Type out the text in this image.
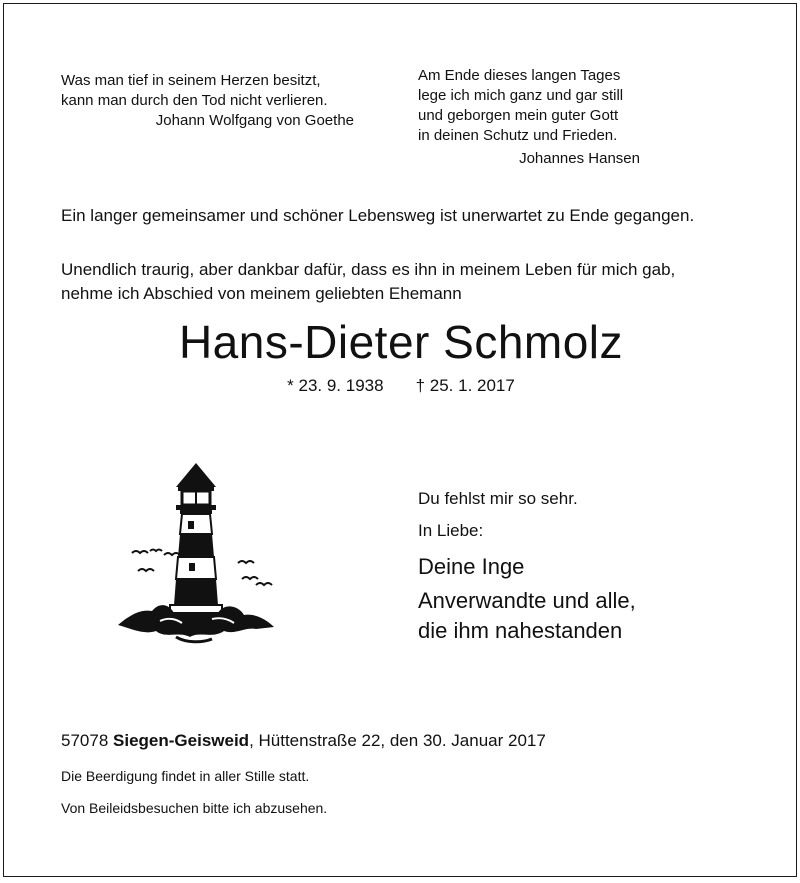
Was man tief in seinem Herzen besitzt,

kann man durch den Tod nicht verlieren.

Johann Wolfgang von Goethe

Am Ende dieses langen Tages

lege ich mich ganz und gar still

und geborgen mein guter Gott

in deinen Schutz und Frieden.

Johannes Hansen

Ein langer gemeinsamer und schöner Lebensweg ist unerwartet zu Ende gegangen.

Unendlich traurig, aber dankbar dafür, dass es ihn in meinem Leben für mich gab,

nehme ich Abschied von meinem geliebten Ehemann

Hans-Dieter Schmolz
* 23. 9. 1938 † 25. 1. 2017

Du fehlst mir so sehr.

In Liebe:

Deine Inge

Anverwandte und alle,

die ihm nahestanden

57078 Siegen-Geisweid, Hüttenstraße 22, den 30. Januar 2017

Die Beerdigung findet in aller Stille statt.

Von Beileidsbesuchen bitte ich abzusehen.
